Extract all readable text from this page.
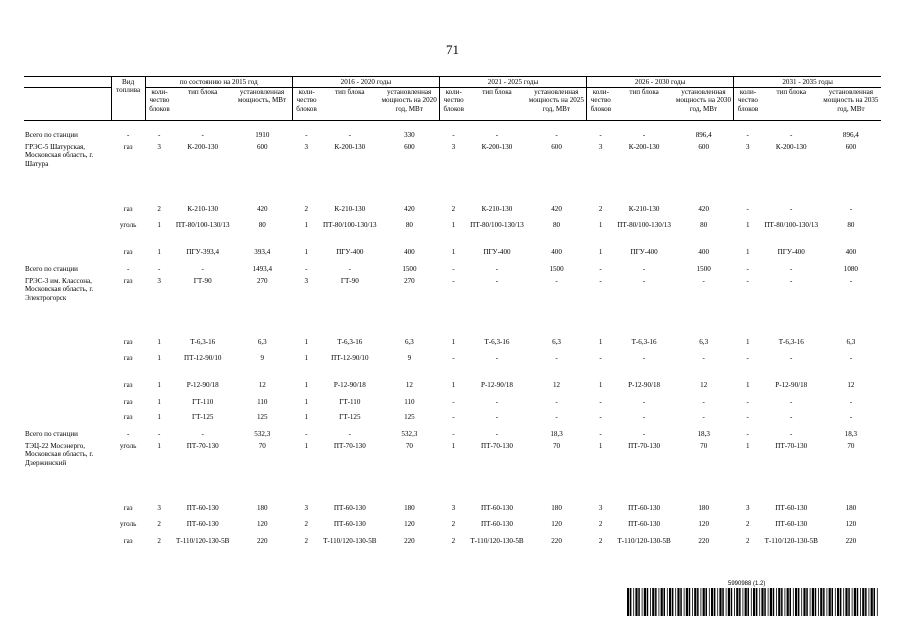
71
	Вид топлива	по состоянию на 2015 год			2016 - 2020 годы			2021 - 2025 годы			2026 - 2030 годы			2031 - 2035 годы		
		коли-чество блоков	тип блока	установленная мощность, МВт	коли-чество блоков	тип блока	установленная мощность на 2020 год, МВт	коли-чество блоков	тип блока	установленная мощность на 2025 год, МВт	коли-чество блоков	тип блока	установленная мощность на 2030 год, МВт	коли-чество блоков	тип блока	установленная мощность на 2035 год, МВт

Всего по станции	-	-	-	1910	-	-	330	-	-	-	-	-	896,4	-	-	896,4
ГРЭС-5 Шатурская, Московская область, г. Шатура	газ	3	К-200-130	600	3	К-200-130	600	3	К-200-130	600	3	К-200-130	600	3	К-200-130	600
	газ	2	К-210-130	420	2	К-210-130	420	2	К-210-130	420	2	К-210-130	420	-	-	-
	уголь	1	ПТ-80/100-130/13	80	1	ПТ-80/100-130/13	80	1	ПТ-80/100-130/13	80	1	ПТ-80/100-130/13	80	1	ПТ-80/100-130/13	80
	газ	1	ПГУ-393,4	393,4	1	ПГУ-400	400	1	ПГУ-400	400	1	ПГУ-400	400	1	ПГУ-400	400
Всего по станции	-	-	-	1493,4	-	-	1500	-	-	1500	-	-	1500	-	-	1080
ГРЭС-3 им. Классона, Московская область, г. Электрогорск	газ	3	ГТ-90	270	3	ГТ-90	270	-	-	-	-	-	-	-	-	-
	газ	1	Т-6,3-16	6,3	1	Т-6,3-16	6,3	1	Т-6,3-16	6,3	1	Т-6,3-16	6,3	1	Т-6,3-16	6,3
	газ	1	ПТ-12-90/10	9	1	ПТ-12-90/10	9	-	-	-	-	-	-	-	-	-
	газ	1	Р-12-90/18	12	1	Р-12-90/18	12	1	Р-12-90/18	12	1	Р-12-90/18	12	1	Р-12-90/18	12
	газ	1	ГТ-110	110	1	ГТ-110	110	-	-	-	-	-	-	-	-	-
	газ	1	ГТ-125	125	1	ГТ-125	125	-	-	-	-	-	-	-	-	-
Всего по станции	-	-	-	532,3	-	-	532,3	-	-	18,3	-	-	18,3	-	-	18,3
ТЭЦ-22 Мосэнерго, Московская область, г. Дзержинский	уголь	1	ПТ-70-130	70	1	ПТ-70-130	70	1	ПТ-70-130	70	1	ПТ-70-130	70	1	ПТ-70-130	70
	газ	3	ПТ-60-130	180	3	ПТ-60-130	180	3	ПТ-60-130	180	3	ПТ-60-130	180	3	ПТ-60-130	180
	уголь	2	ПТ-60-130	120	2	ПТ-60-130	120	2	ПТ-60-130	120	2	ПТ-60-130	120	2	ПТ-60-130	120
	газ	2	Т-110/120-130-5В	220	2	Т-110/120-130-5В	220	2	Т-110/120-130-5В	220	2	Т-110/120-130-5В	220	2	Т-110/120-130-5В	220
5990988 (1.2)
